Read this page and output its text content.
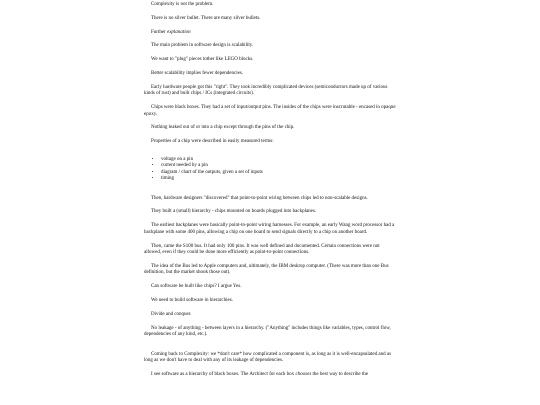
Complexity is not the problem.

There is no silver bullet. There are many silver bullets.

Further explanation

The main problem in software design is scalability.

We want to "plug" pieces tother like LEGO blocks.

Better scalability implies fewer dependencies.

Early hardware people got this "right". They took incredibly complicated devices (semiconductors made up of various kinds of rust) and built chips / ICs (integrated circuits).

Chips were black boxes. They had a set of input/output pins. The insides of the chips were inscrutable - encased in opaque epoxy.

Nothing leaked out of or into a chip except through the pins of the chip.

Properties of a chip were described in easily measured terms:

• voltage on a pin
• current needed by a pin
• diagram / chart of the outputs, given a set of inputs
• timing

Then, hardware designers "discovered" that point-to-point wiring between chips led to non-scalable designs.

They built a (small) hierarchy - chips mounted on boards plugged into backplanes.

The earliest backplanes were basically point-to-point wiring harnesses. For example, an early Wang word processor had a backplane with some 400 pins, allowing a chip on one board to send signals directly to a chip on another board.

Then, came the S100 bus. It had only 100 pins. It was well defined and documented. Certain connections were not allowed, even if they could be done more efficiently as point-to-point connections.

The idea of the Bus led to Apple computers and, ultimately, the IBM desktop computer. (There was more than one Bus definition, but the market shook those out).

Can software be built like chips? I argue Yes.

We need to build software in hierarchies.

Divide and conquer.

No leakage - of anything - between layers in a hierarchy. ("Anything" includes things like variables, types, control flow, dependencies of any kind, etc.).

Coming back to Complexity: we *don't care* how complicated a component is, as long as it is well-encapsulated and as long as we don't have to deal with any of its leakage of dependencies.

I see software as a hierarchy of black boxes. The Architect for each box chooses the best way to describe the
